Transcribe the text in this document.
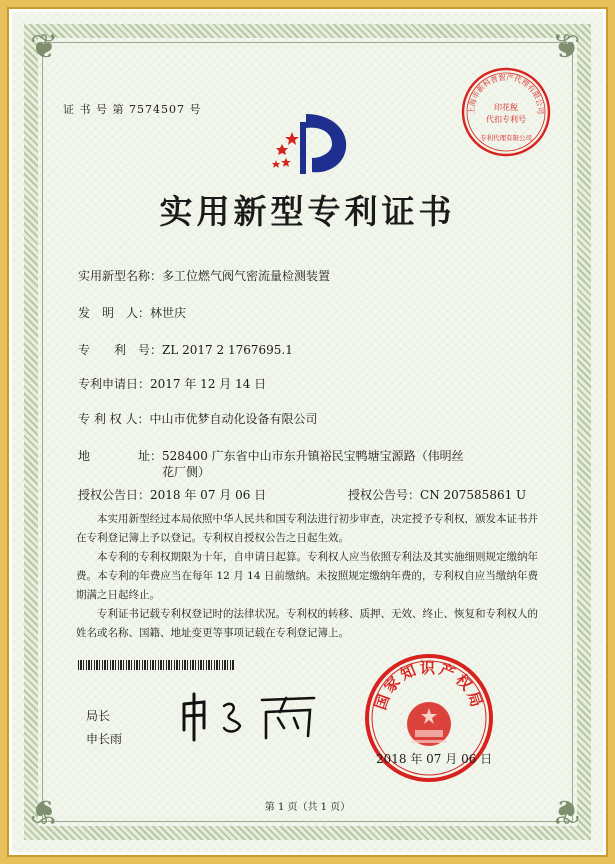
❦	❦
❦	❦
证 书 号 第 7574507 号	上海市新科普智产代理有限公司
印花税
代扣专利号
专利代理有限公司
实用新型专利证书
实用新型名称：多工位燃气阀气密流量检测装置
发　明　人：林世庆
专　　利　号：ZL 2017 2 1767695.1
专利申请日：2017 年 12 月 14 日
专 利 权 人：中山市优梦自动化设备有限公司
地　　　　址：528400 广东省中山市东升镇裕民宝鸭塘宝源路（伟明丝
花厂侧）
授权公告日：2018 年 07 月 06 日	授权公告号：CN 207585861 U

本实用新型经过本局依照中华人民共和国专利法进行初步审查，决定授予专利权，颁发本证书并在专利登记簿上予以登记。专利权自授权公告之日起生效。

本专利的专利权期限为十年，自申请日起算。专利权人应当依照专利法及其实施细则规定缴纳年费。本专利的年费应当在每年 12 月 14 日前缴纳。未按照规定缴纳年费的，专利权自应当缴纳年费期满之日起终止。

专利证书记载专利权登记时的法律状况。专利权的转移、质押、无效、终止、恢复和专利权人的姓名或名称、国籍、地址变更等事项记载在专利登记簿上。

局长
申长雨
国家知识产权局
2018 年 07 月 06 日
第 1 页（共 1 页）
